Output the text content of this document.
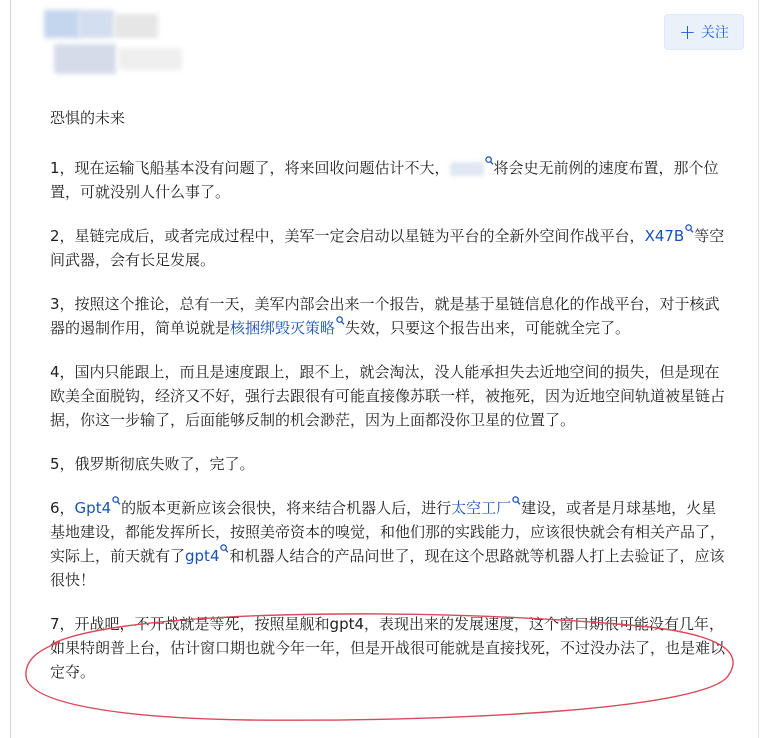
+ 关注

恐惧的未来

1，现在运输飞船基本没有问题了，将来回收问题估计不大，	将会史无前例的速度布置，那个位置，可就没别人什么事了。

2，星链完成后，或者完成过程中，美军一定会启动以星链为平台的全新外空间作战平台，X47B 等空间武器，会有长足发展。

3，按照这个推论，总有一天，美军内部会出来一个报告，就是基于星链信息化的作战平台，对于核武器的遏制作用，简单说就是核捆绑毁灭策略 失效，只要这个报告出来，可能就全完了。

4，国内只能跟上，而且是速度跟上，跟不上，就会淘汰，没人能承担失去近地空间的损失，但是现在欧美全面脱钩，经济又不好，强行去跟很有可能直接像苏联一样，被拖死，因为近地空间轨道被星链占据，你这一步输了，后面能够反制的机会渺茫，因为上面都没你卫星的位置了。

5，俄罗斯彻底失败了，完了。

6，Gpt4 的版本更新应该会很快，将来结合机器人后，进行太空工厂 建设，或者是月球基地，火星基地建设，都能发挥所长，按照美帝资本的嗅觉，和他们那的实践能力，应该很快就会有相关产品了，实际上，前天就有了gpt4 和机器人结合的产品问世了，现在这个思路就等机器人打上去验证了，应该很快！

7，开战吧，不开战就是等死，按照星舰和gpt4，表现出来的发展速度，这个窗口期很可能没有几年，如果特朗普上台，估计窗口期也就今年一年，但是开战很可能就是直接找死，不过没办法了，也是难以定夺。
